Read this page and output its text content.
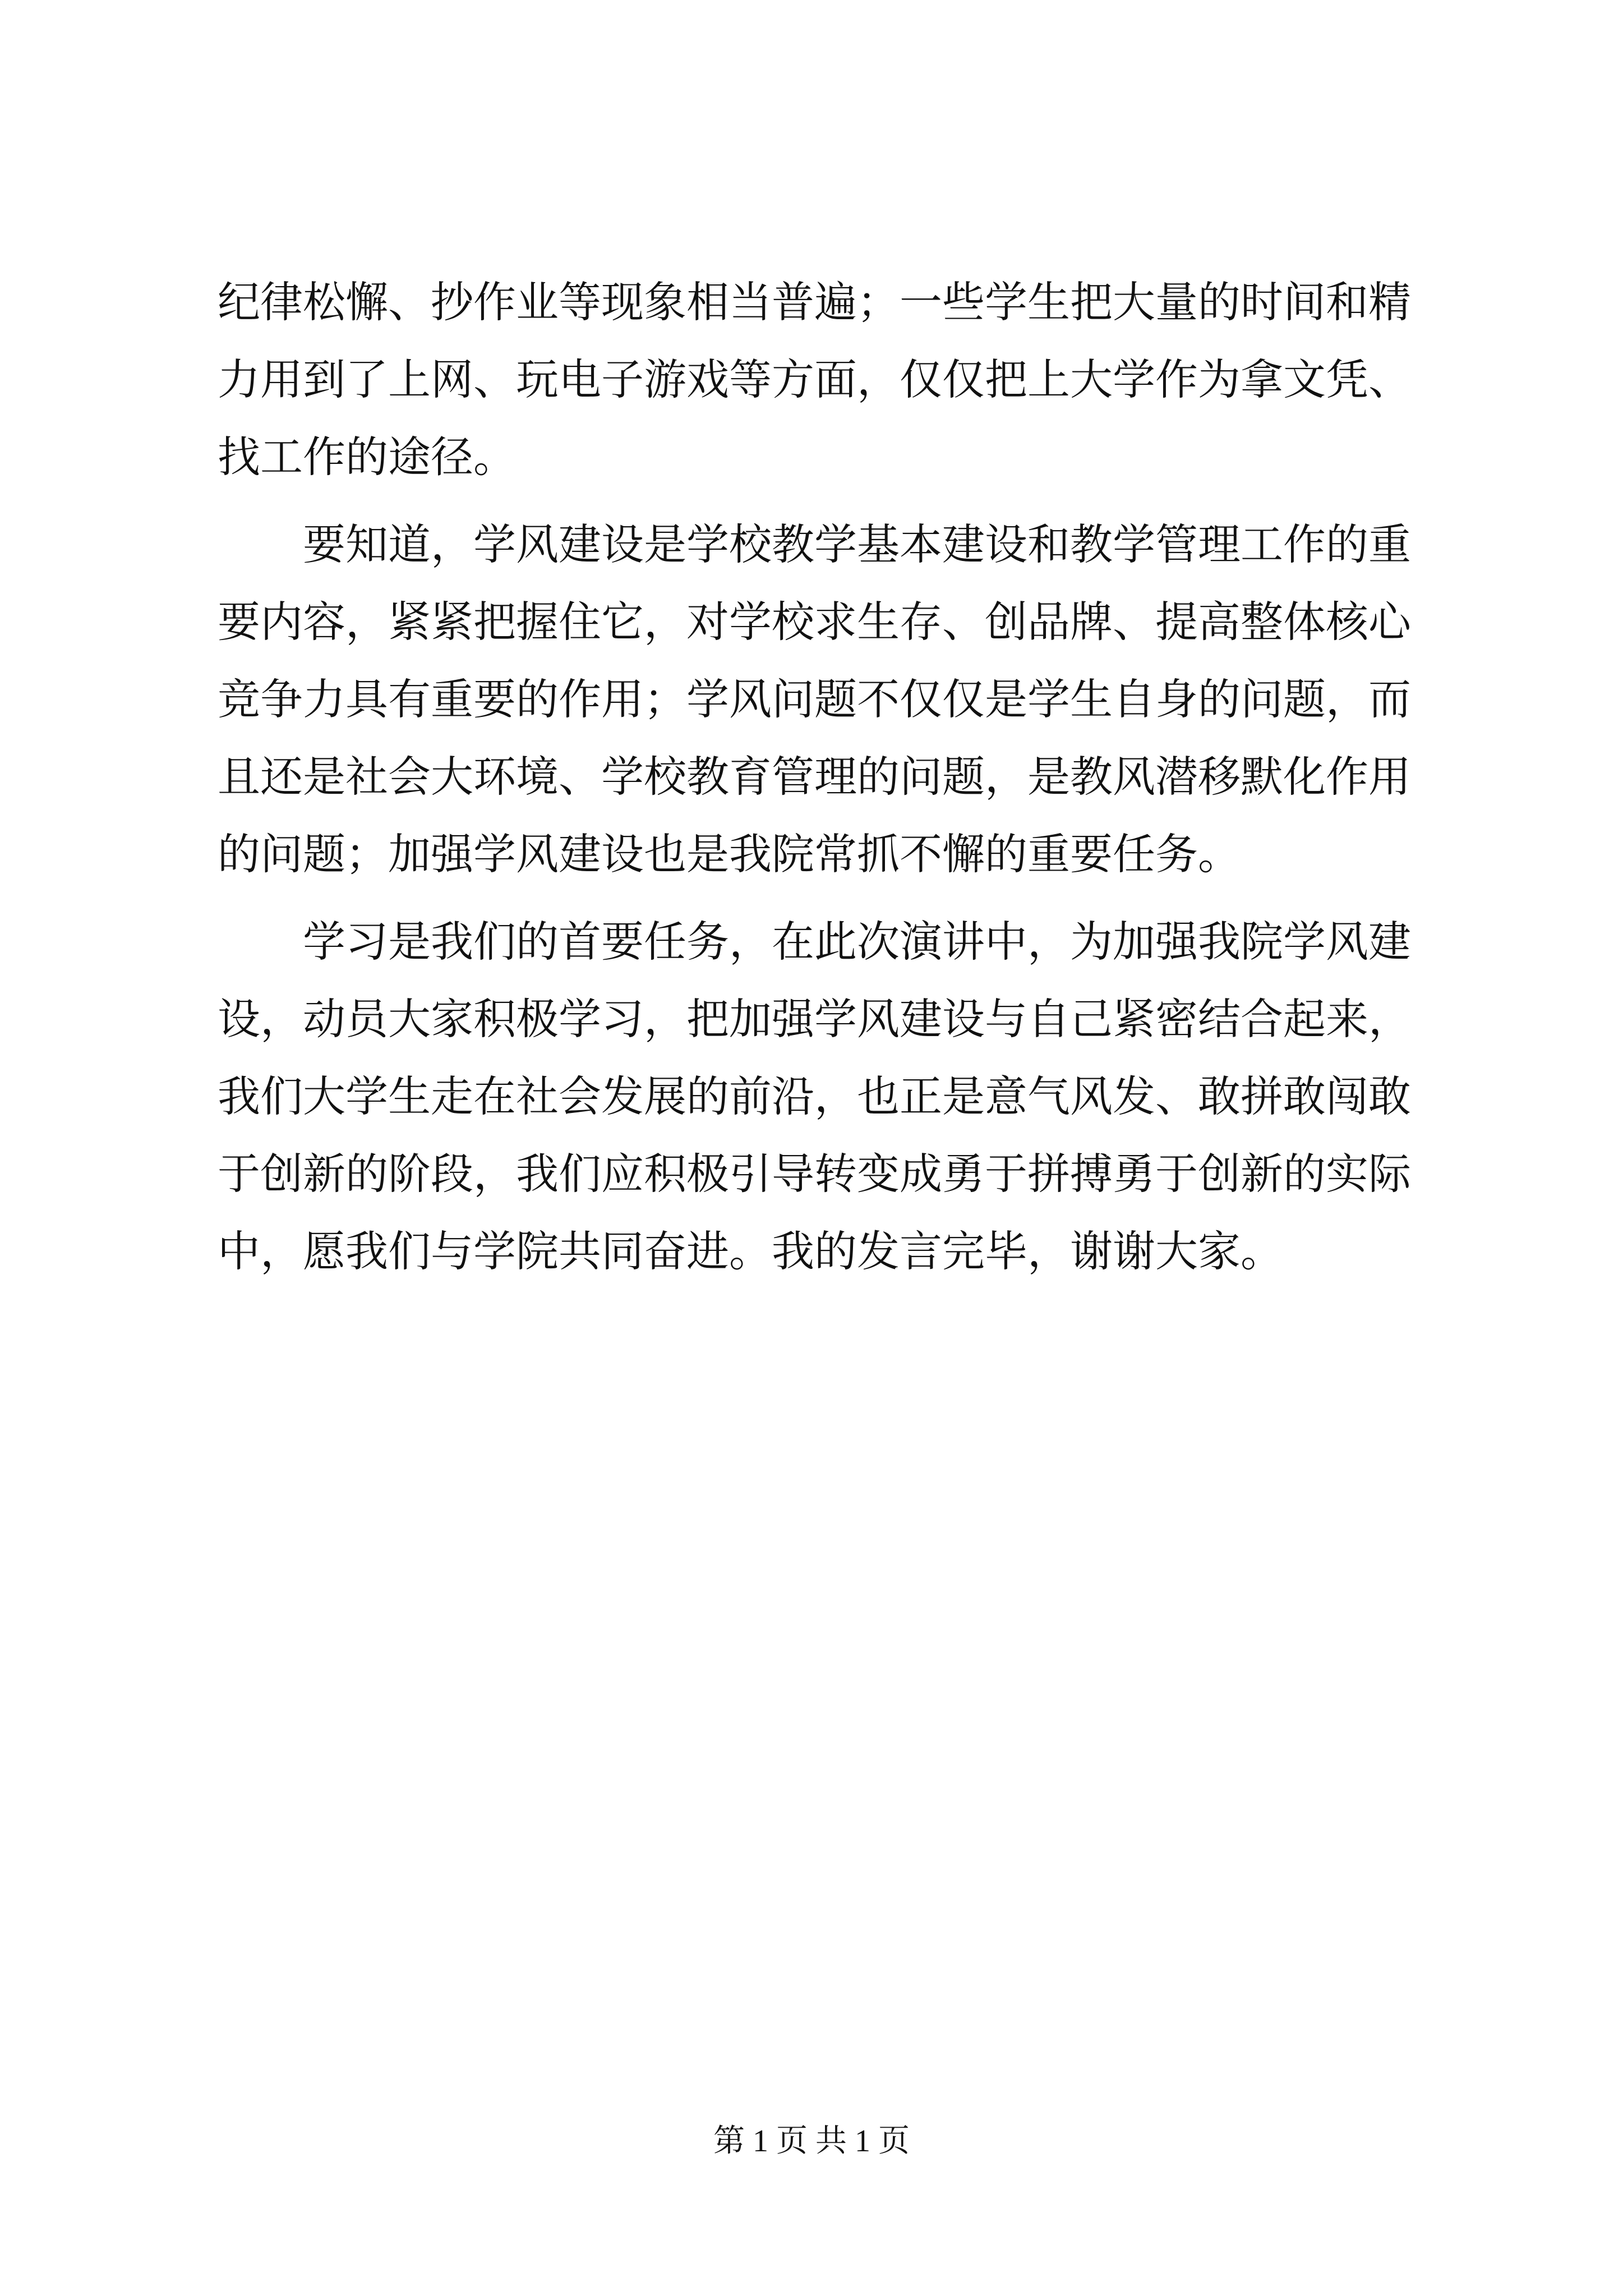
纪律松懈、抄作业等现象相当普遍；一些学生把大量的时间和精
力用到了上网、玩电子游戏等方面，仅仅把上大学作为拿文凭、
找工作的途径。
要知道，学风建设是学校教学基本建设和教学管理工作的重
要内容，紧紧把握住它，对学校求生存、创品牌、提高整体核心
竞争力具有重要的作用；学风问题不仅仅是学生自身的问题，而
且还是社会大环境、学校教育管理的问题，是教风潜移默化作用
的问题；加强学风建设也是我院常抓不懈的重要任务。
学习是我们的首要任务，在此次演讲中，为加强我院学风建
设，动员大家积极学习，把加强学风建设与自己紧密结合起来，
我们大学生走在社会发展的前沿，也正是意气风发、敢拼敢闯敢
于创新的阶段，我们应积极引导转变成勇于拼搏勇于创新的实际
中，愿我们与学院共同奋进。我的发言完毕，谢谢大家。
第 1 页 共 1 页
